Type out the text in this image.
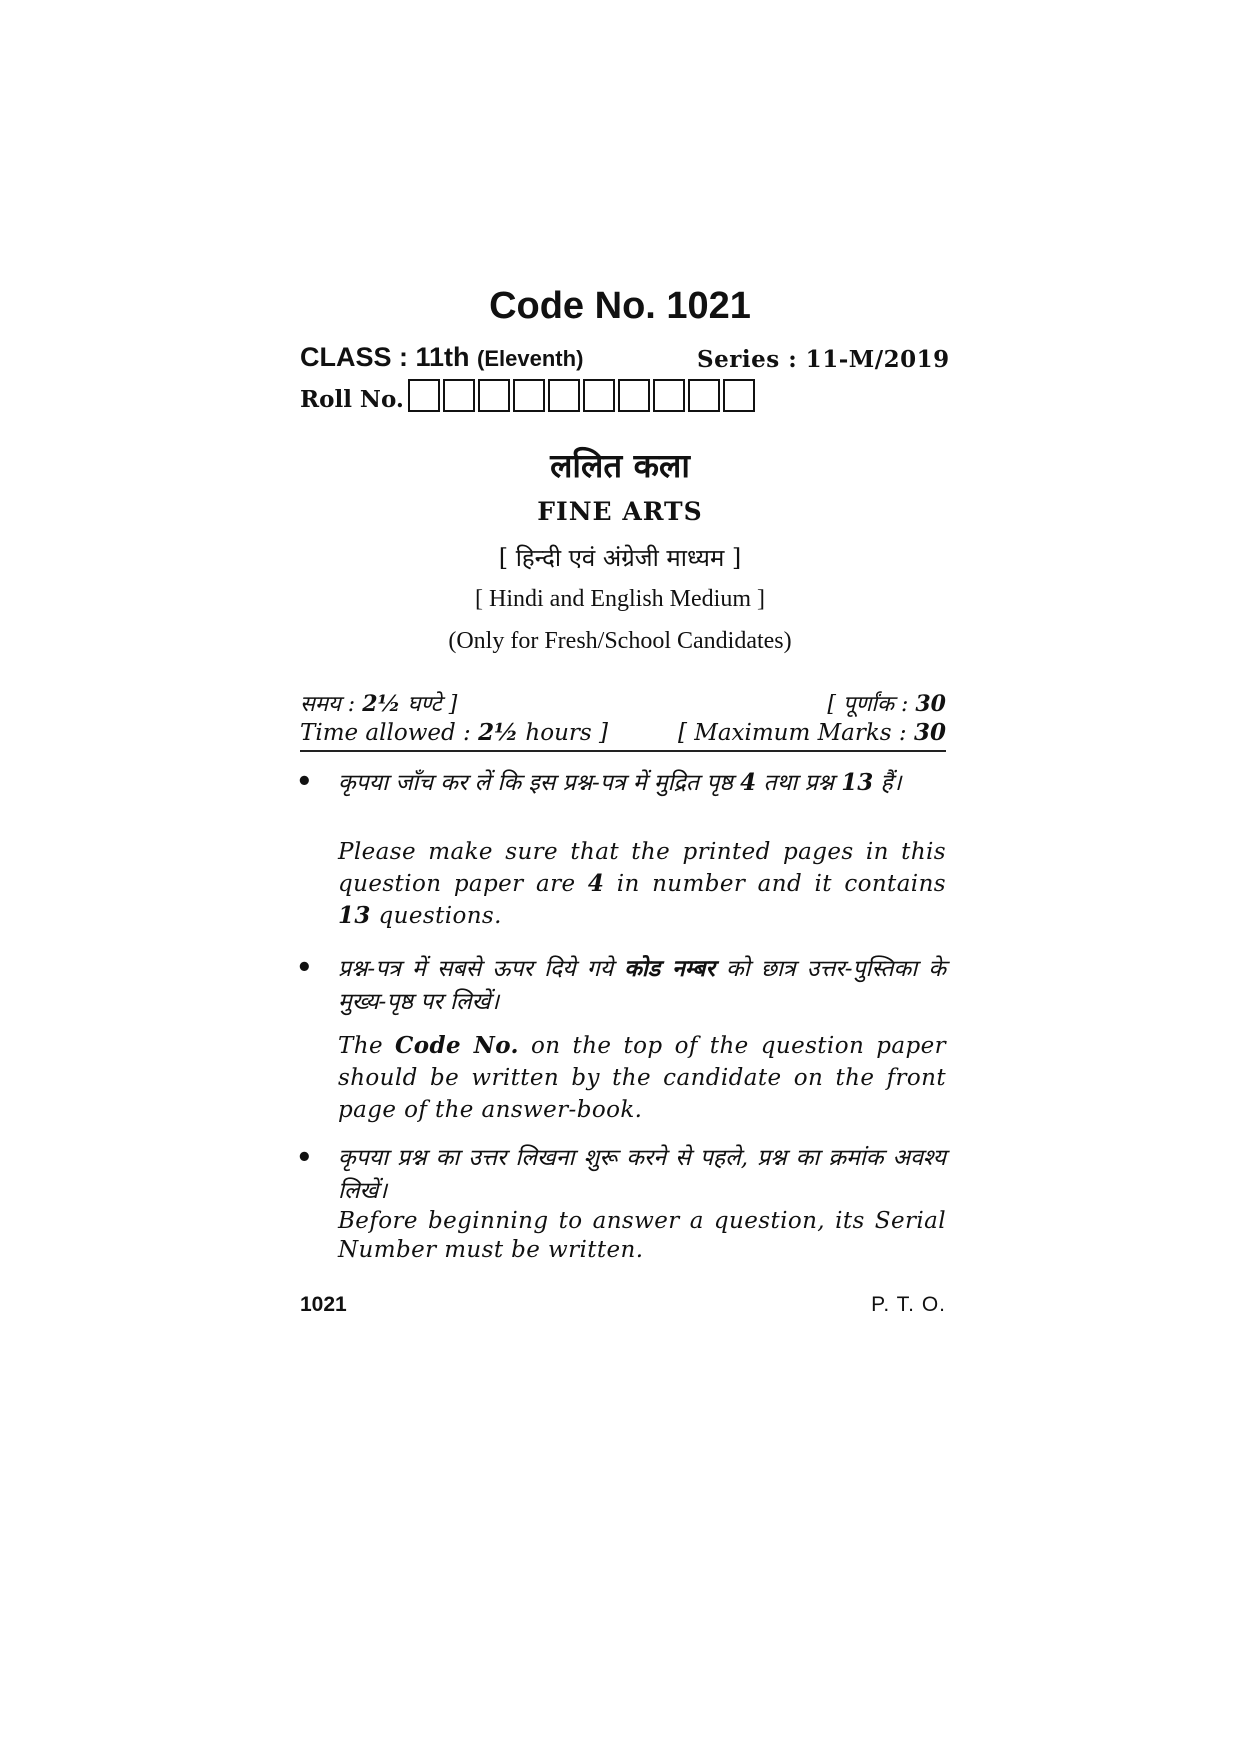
Code No. 1021
CLASS : 11th (Eleventh)	Series : 11-M/2019
Roll No.
ललित कला
FINE ARTS
[ हिन्दी एवं अंग्रेजी माध्यम ]
[ Hindi and English Medium ]
(Only for Fresh/School Candidates)
समय : 2½ घण्टे ]	[ पूर्णांक : 30
Time allowed : 2½ hours ]	[ Maximum Marks : 30
• कृपया जाँच कर लें कि इस प्रश्न-पत्र में मुद्रित पृष्ठ 4 तथा प्रश्न 13 हैं।
Please make sure that the printed pages in this question paper are 4 in number and it contains 13 questions.
• प्रश्न-पत्र में सबसे ऊपर दिये गये कोड नम्बर को छात्र उत्तर-पुस्तिका के मुख्य-पृष्ठ पर लिखें।
The Code No. on the top of the question paper should be written by the candidate on the front page of the answer-book.
• कृपया प्रश्न का उत्तर लिखना शुरू करने से पहले, प्रश्न का क्रमांक अवश्य लिखें।
Before beginning to answer a question, its Serial Number must be written.
1021	P. T. O.
